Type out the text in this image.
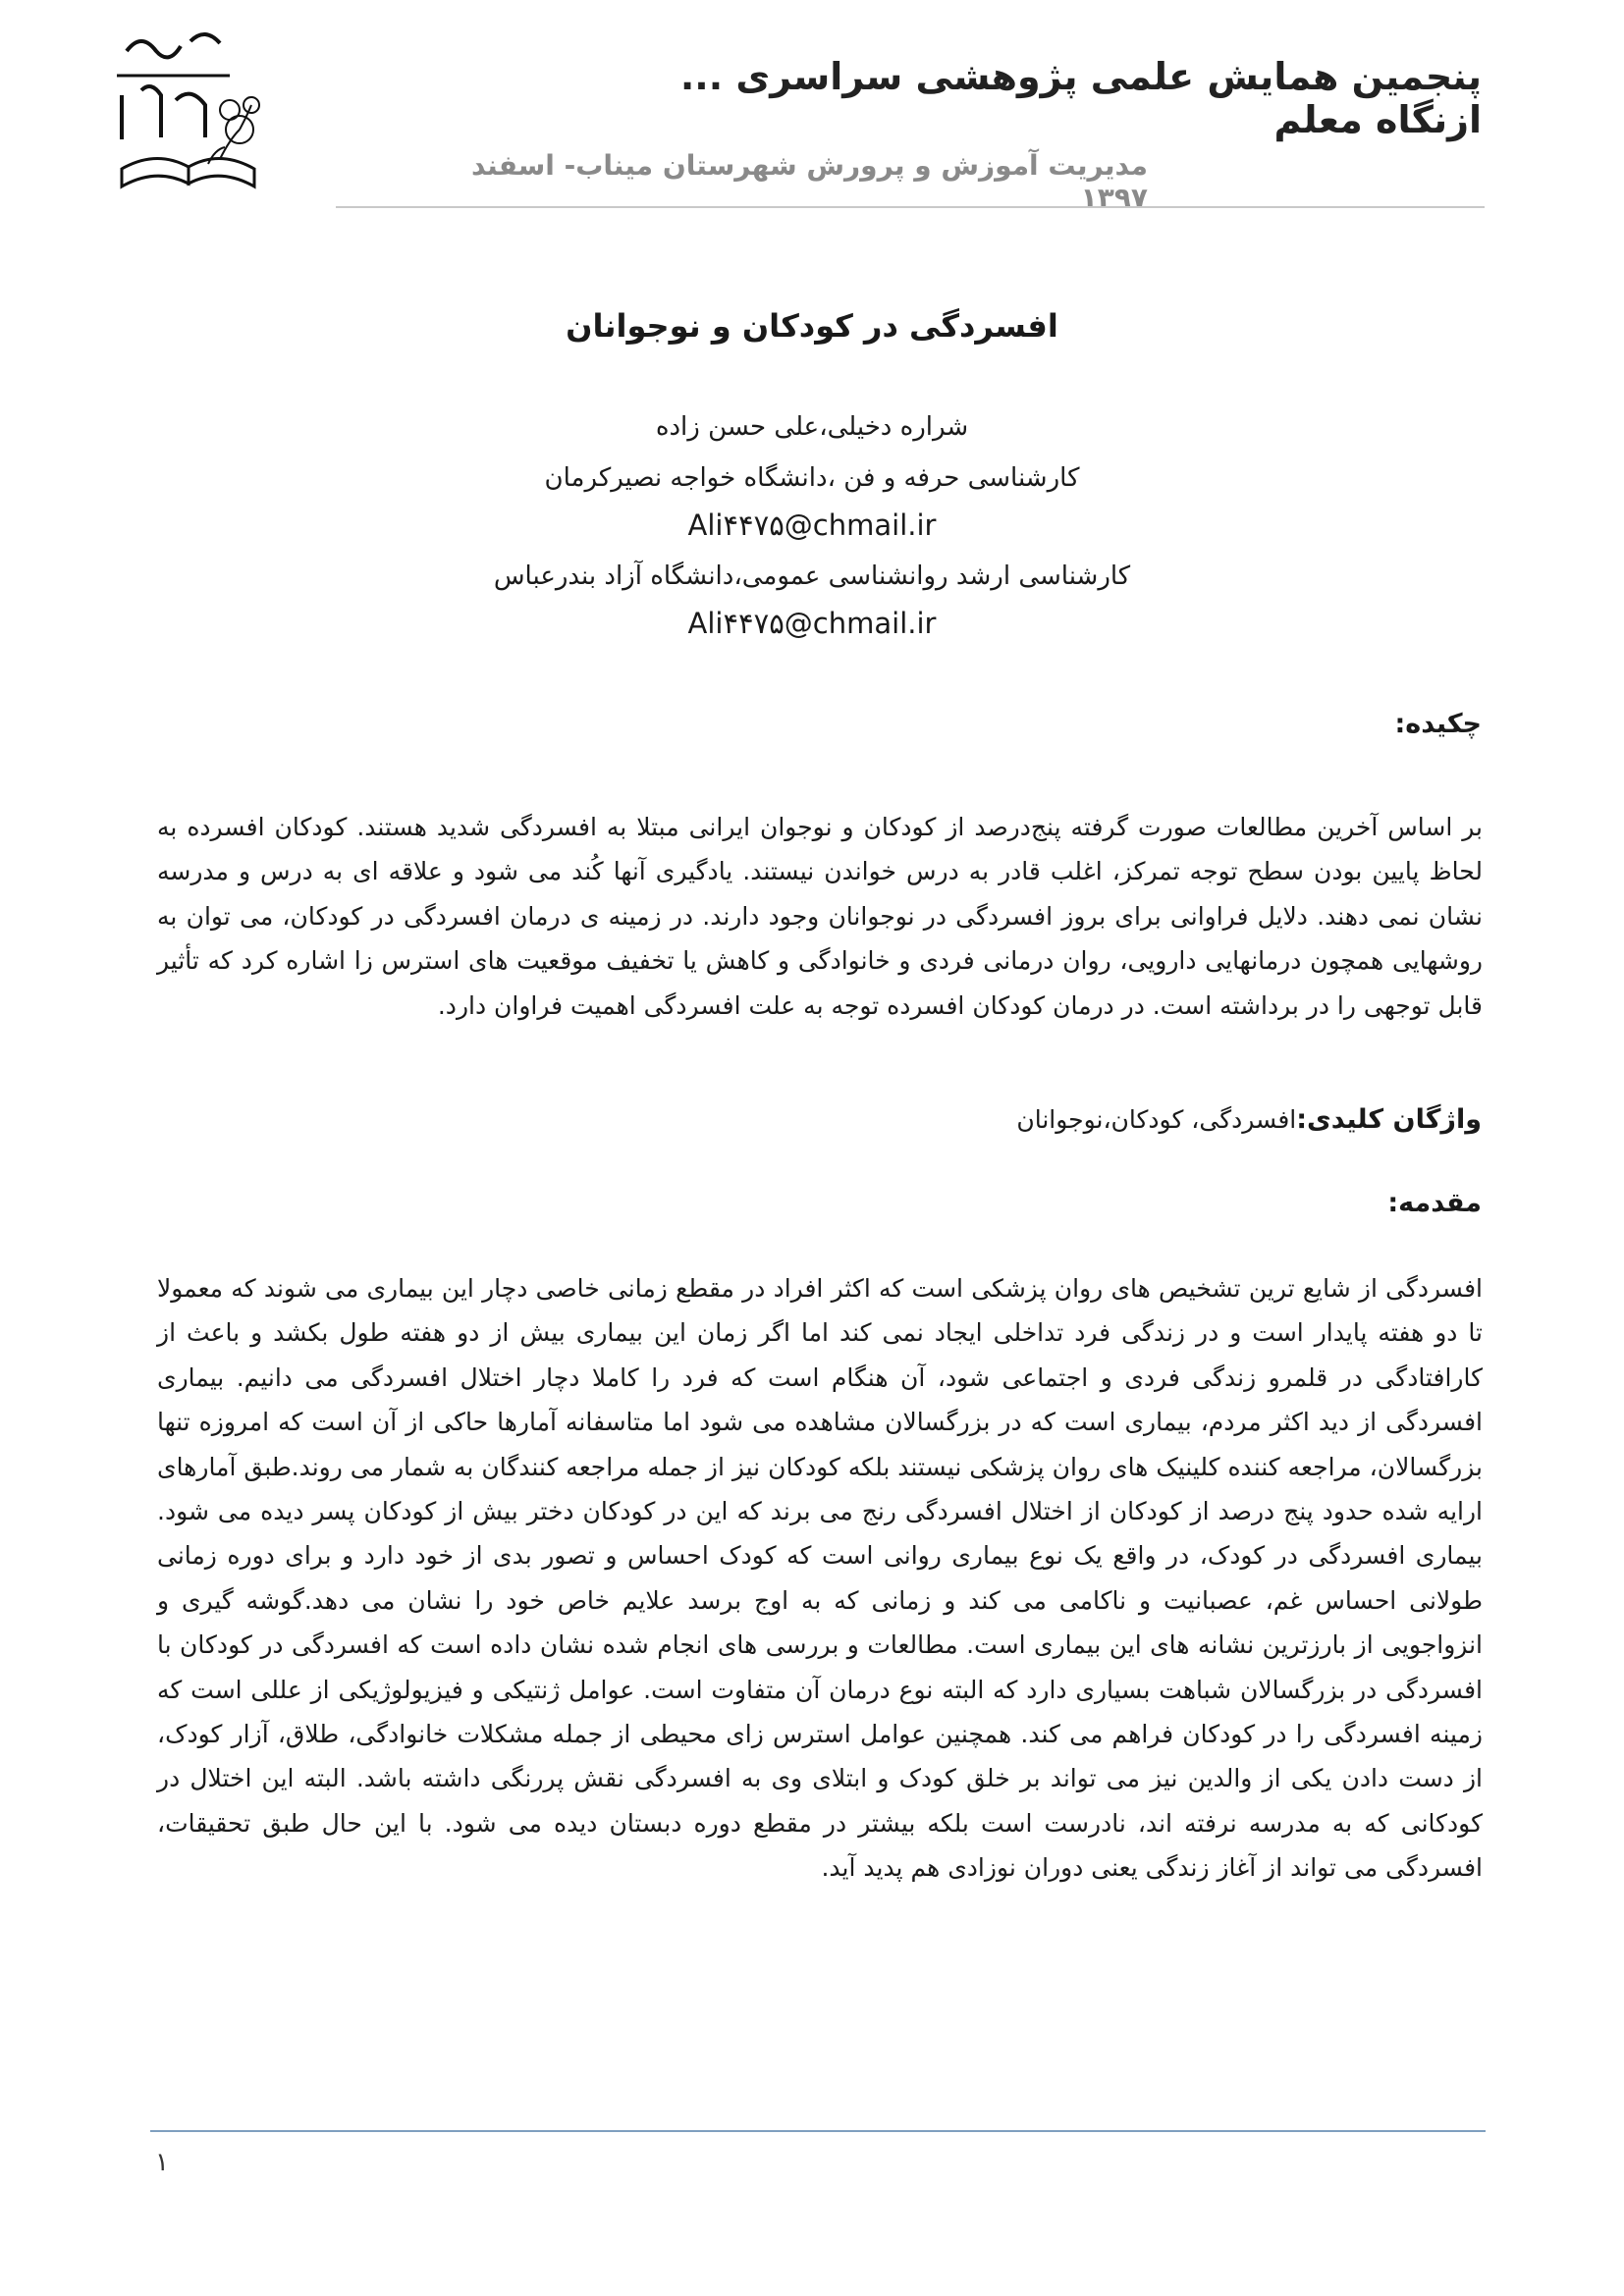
پنجمین همایش علمی پژوهشی سراسری ... ازنگاه معلم
مدیریت آموزش و پرورش شهرستان میناب- اسفند ۱۳۹۷
افسردگی در کودکان و نوجوانان
شراره دخیلی،علی حسن زاده
کارشناسی حرفه و فن ،دانشگاه خواجه نصیرکرمان
Ali۴۴۷۵@chmail.ir
کارشناسی ارشد روانشناسی عمومی،دانشگاه آزاد بندرعباس
Ali۴۴۷۵@chmail.ir
چکیده:
بر اساس آخرین مطالعات صورت گرفته پنج‌درصد از کودکان و نوجوان ایرانی مبتلا به افسردگی شدید هستند. کودکان افسرده به لحاظ پایین بودن سطح توجه تمرکز، اغلب قادر به درس خواندن نیستند. یادگیری آنها کُند می شود و علاقه ای به درس و مدرسه نشان نمی دهند. دلایل فراوانی برای بروز افسردگی در نوجوانان وجود دارند. در زمینه ی درمان افسردگی در کودکان، می توان به روشهایی همچون درمانهایی دارویی، روان درمانی فردی و خانوادگی و کاهش یا تخفیف موقعیت های استرس زا اشاره کرد که تأثیر قابل توجهی را در برداشته است. در درمان کودکان افسرده توجه به علت افسردگی اهمیت فراوان دارد.
واژگان کلیدی:افسردگی، کودکان،نوجوانان
مقدمه:
افسردگی از شایع ترین تشخیص های روان پزشکی است که اکثر افراد در مقطع زمانی خاصی دچار این بیماری می شوند که معمولا تا دو هفته پایدار است و در زندگی فرد تداخلی ایجاد نمی کند اما اگر زمان این بیماری بیش از دو هفته طول بکشد و باعث از کارافتادگی در قلمرو زندگی فردی و اجتماعی شود، آن هنگام است که فرد را کاملا دچار اختلال افسردگی می دانیم. بیماری افسردگی از دید اکثر مردم، بیماری است که در بزرگسالان مشاهده می شود اما متاسفانه آمارها حاکی از آن است که امروزه تنها بزرگسالان، مراجعه کننده کلینیک های روان پزشکی نیستند بلکه کودکان نیز از جمله مراجعه کنندگان به شمار می روند.طبق آمارهای ارایه شده حدود پنج درصد از کودکان از اختلال افسردگی رنج می برند که این در کودکان دختر بیش از کودکان پسر دیده می شود. بیماری افسردگی در کودک، در واقع یک نوع بیماری روانی است که کودک احساس و تصور بدی از خود دارد و برای دوره زمانی طولانی احساس غم، عصبانیت و ناکامی می کند و زمانی که به اوج برسد علایم خاص خود را نشان می دهد.گوشه گیری و انزواجویی از بارزترین نشانه های این بیماری است. مطالعات و بررسی های انجام شده نشان داده است که افسردگی در کودکان با افسردگی در بزرگسالان شباهت بسیاری دارد که البته نوع درمان آن متفاوت است. عوامل ژنتیکی و فیزیولوژیکی از عللی است که زمینه افسردگی را در کودکان فراهم می کند. همچنین عوامل استرس زای محیطی از جمله مشکلات خانوادگی، طلاق، آزار کودک، از دست دادن یکی از والدین نیز می تواند بر خلق کودک و ابتلای وی به افسردگی نقش پررنگی داشته باشد. البته این اختلال در کودکانی که به مدرسه نرفته اند، نادرست است بلکه بیشتر در مقطع دوره دبستان دیده می شود. با این حال طبق تحقیقات، افسردگی می تواند از آغاز زندگی یعنی دوران نوزادی هم پدید آید.
۱
